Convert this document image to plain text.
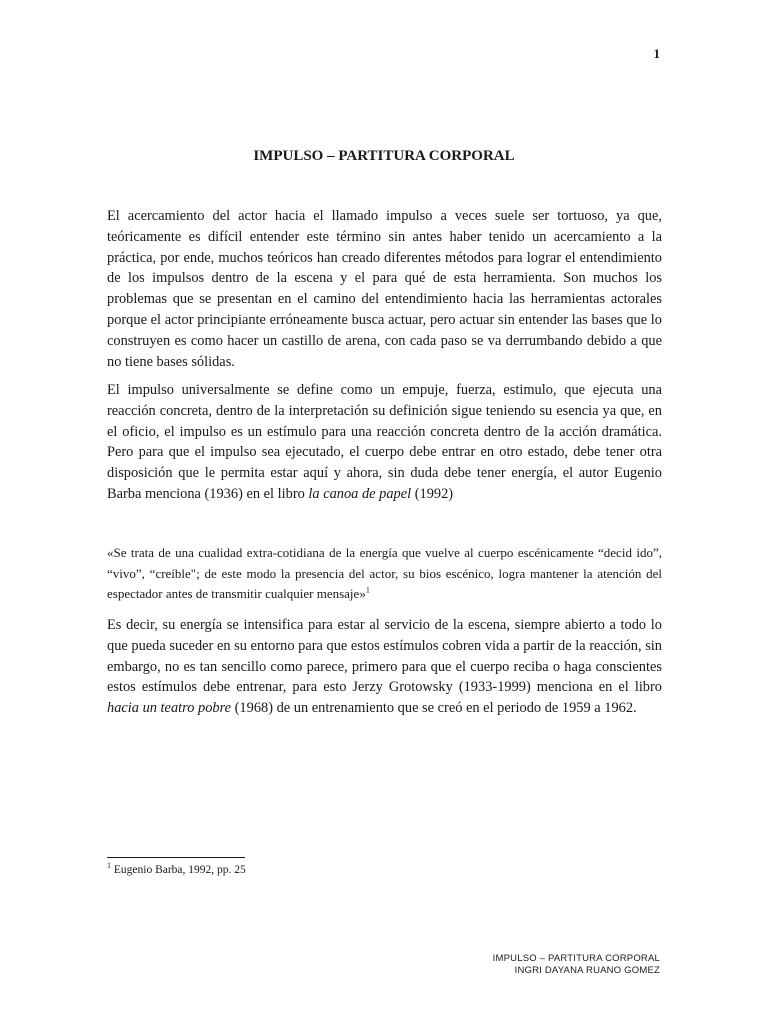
1
IMPULSO – PARTITURA CORPORAL

El acercamiento del actor hacia el llamado impulso a veces suele ser tortuoso, ya que, teóricamente es difícil entender este término sin antes haber tenido un acercamiento a la práctica, por ende, muchos teóricos han creado diferentes métodos para lograr el entendimiento de los impulsos dentro de la escena y el para qué de esta herramienta. Son muchos los problemas que se presentan en el camino del entendimiento hacia las herramientas actorales porque el actor principiante erróneamente busca actuar, pero actuar sin entender las bases que lo construyen es como hacer un castillo de arena, con cada paso se va derrumbando debido a que no tiene bases sólidas.

El impulso universalmente se define como un empuje, fuerza, estimulo, que ejecuta una reacción concreta, dentro de la interpretación su definición sigue teniendo su esencia ya que, en el oficio, el impulso es un estímulo para una reacción concreta dentro de la acción dramática. Pero para que el impulso sea ejecutado, el cuerpo debe entrar en otro estado, debe tener otra disposición que le permita estar aquí y ahora, sin duda debe tener energía, el autor Eugenio Barba menciona (1936) en el libro la canoa de papel (1992)

«Se trata de una cualidad extra-cotidiana de la energía que vuelve al cuerpo escénicamente “decid ido”, “vivo”, “creíble"; de este modo la presencia del actor, su bios escénico, logra mantener la atención del espectador antes de transmitir cualquier mensaje»$^1$

Es decir, su energía se intensifica para estar al servicio de la escena, siempre abierto a todo lo que pueda suceder en su entorno para que estos estímulos cobren vida a partir de la reacción, sin embargo, no es tan sencillo como parece, primero para que el cuerpo reciba o haga conscientes estos estímulos debe entrenar, para esto Jerzy Grotowsky (1933-1999) menciona en el libro hacia un teatro pobre (1968) de un entrenamiento que se creó en el periodo de 1959 a 1962.

$^1$ Eugenio Barba, 1992, pp. 25
IMPULSO – PARTITURA CORPORAL
INGRI DAYANA RUANO GOMEZ
